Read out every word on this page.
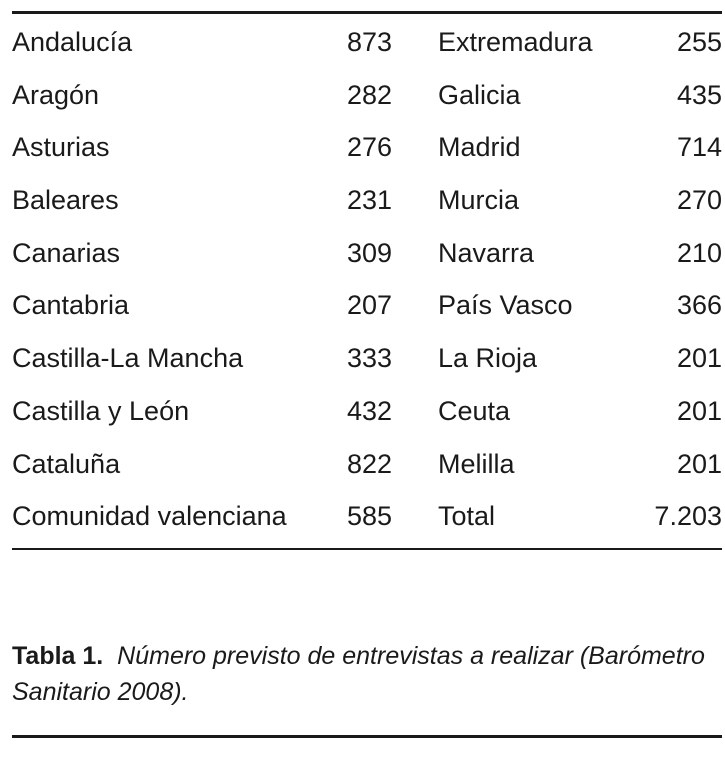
Andalucía	873 Extremadura	255
Aragón	282 Galicia	435
Asturias	276 Madrid	714
Baleares	231 Murcia	270
Canarias	309 Navarra	210
Cantabria	207 País Vasco	366
Castilla-La Mancha	333 La Rioja	201
Castilla y León	432 Ceuta	201
Cataluña	822 Melilla	201
Comunidad valenciana 585 Total	7.203
Tabla 1. Número previsto de entrevistas a realizar (Barómetro Sanitario 2008).
